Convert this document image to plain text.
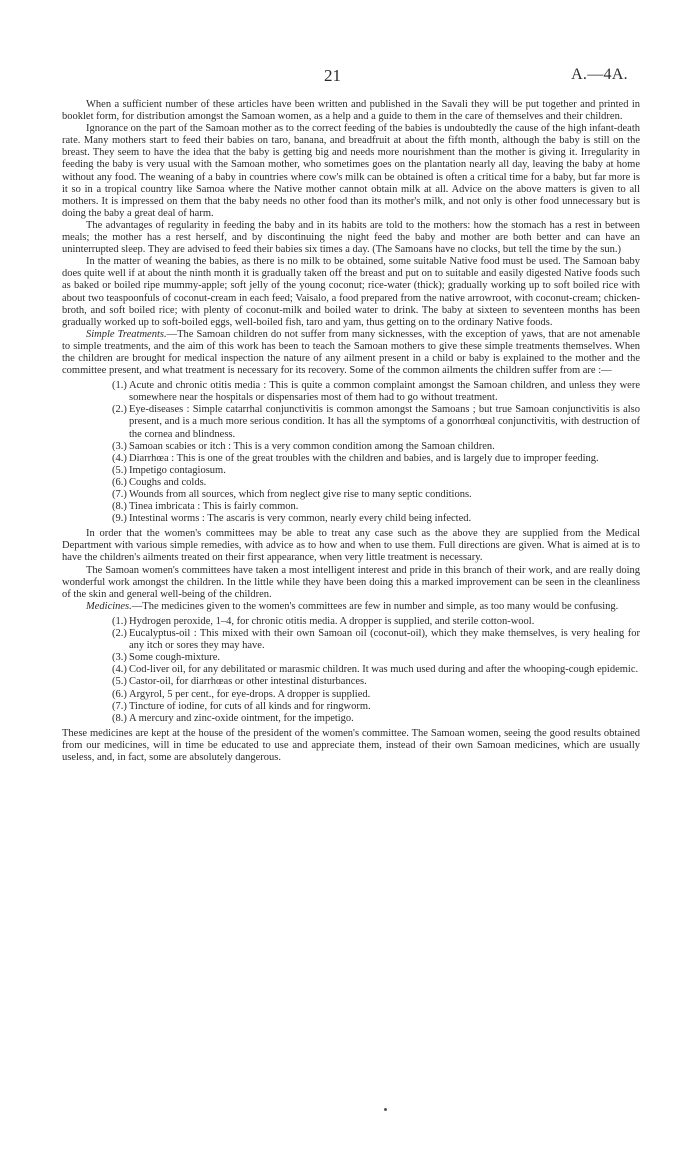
21	A.—4A.

When a sufficient number of these articles have been written and published in the Savali they will be put together and printed in booklet form, for distribution amongst the Samoan women, as a help and a guide to them in the care of themselves and their children.

Ignorance on the part of the Samoan mother as to the correct feeding of the babies is undoubtedly the cause of the high infant-death rate. Many mothers start to feed their babies on taro, banana, and breadfruit at about the fifth month, although the baby is still on the breast. They seem to have the idea that the baby is getting big and needs more nourishment than the mother is giving it. Irregularity in feeding the baby is very usual with the Samoan mother, who sometimes goes on the plantation nearly all day, leaving the baby at home without any food. The weaning of a baby in countries where cow's milk can be obtained is often a critical time for a baby, but far more is it so in a tropical country like Samoa where the Native mother cannot obtain milk at all. Advice on the above matters is given to all mothers. It is impressed on them that the baby needs no other food than its mother's milk, and not only is other food unnecessary but is doing the baby a great deal of harm.

The advantages of regularity in feeding the baby and in its habits are told to the mothers: how the stomach has a rest in between meals; the mother has a rest herself, and by discontinuing the night feed the baby and mother are both better and can have an uninterrupted sleep. They are advised to feed their babies six times a day. (The Samoans have no clocks, but tell the time by the sun.)

In the matter of weaning the babies, as there is no milk to be obtained, some suitable Native food must be used. The Samoan baby does quite well if at about the ninth month it is gradually taken off the breast and put on to suitable and easily digested Native foods such as baked or boiled ripe mummy-apple; soft jelly of the young coconut; rice-water (thick); gradually working up to soft boiled rice with about two teaspoonfuls of coconut-cream in each feed; Vaisalo, a food prepared from the native arrowroot, with coconut-cream; chicken-broth, and soft boiled rice; with plenty of coconut-milk and boiled water to drink. The baby at sixteen to seventeen months has been gradually worked up to soft-boiled eggs, well-boiled fish, taro and yam, thus getting on to the ordinary Native foods.

Simple Treatments.—The Samoan children do not suffer from many sicknesses, with the exception of yaws, that are not amenable to simple treatments, and the aim of this work has been to teach the Samoan mothers to give these simple treatments themselves. When the children are brought for medical inspection the nature of any ailment present in a child or baby is explained to the mother and the committee present, and what treatment is necessary for its recovery. Some of the common ailments the children suffer from are :—

(1.) Acute and chronic otitis media : This is quite a common complaint amongst the Samoan children, and unless they were somewhere near the hospitals or dispensaries most of them had to go without treatment.
(2.) Eye-diseases : Simple catarrhal conjunctivitis is common amongst the Samoans ; but true Samoan conjunctivitis is also present, and is a much more serious condition. It has all the symptoms of a gonorrhœal conjunctivitis, with destruction of the cornea and blindness.
(3.) Samoan scabies or itch : This is a very common condition among the Samoan children.
(4.) Diarrhœa : This is one of the great troubles with the children and babies, and is largely due to improper feeding.
(5.) Impetigo contagiosum.
(6.) Coughs and colds.
(7.) Wounds from all sources, which from neglect give rise to many septic conditions.
(8.) Tinea imbricata : This is fairly common.
(9.) Intestinal worms : The ascaris is very common, nearly every child being infected.

In order that the women's committees may be able to treat any case such as the above they are supplied from the Medical Department with various simple remedies, with advice as to how and when to use them. Full directions are given. What is aimed at is to have the children's ailments treated on their first appearance, when very little treatment is necessary.

The Samoan women's committees have taken a most intelligent interest and pride in this branch of their work, and are really doing wonderful work amongst the children. In the little while they have been doing this a marked improvement can be seen in the cleanliness of the skin and general well-being of the children.

Medicines.—The medicines given to the women's committees are few in number and simple, as too many would be confusing.

(1.) Hydrogen peroxide, 1–4, for chronic otitis media. A dropper is supplied, and sterile cotton-wool.
(2.) Eucalyptus-oil : This mixed with their own Samoan oil (coconut-oil), which they make themselves, is very healing for any itch or sores they may have.
(3.) Some cough-mixture.
(4.) Cod-liver oil, for any debilitated or marasmic children. It was much used during and after the whooping-cough epidemic.
(5.) Castor-oil, for diarrhœas or other intestinal disturbances.
(6.) Argyrol, 5 per cent., for eye-drops. A dropper is supplied.
(7.) Tincture of iodine, for cuts of all kinds and for ringworm.
(8.) A mercury and zinc-oxide ointment, for the impetigo.

These medicines are kept at the house of the president of the women's committee. The Samoan women, seeing the good results obtained from our medicines, will in time be educated to use and appreciate them, instead of their own Samoan medicines, which are usually useless, and, in fact, some are absolutely dangerous.
